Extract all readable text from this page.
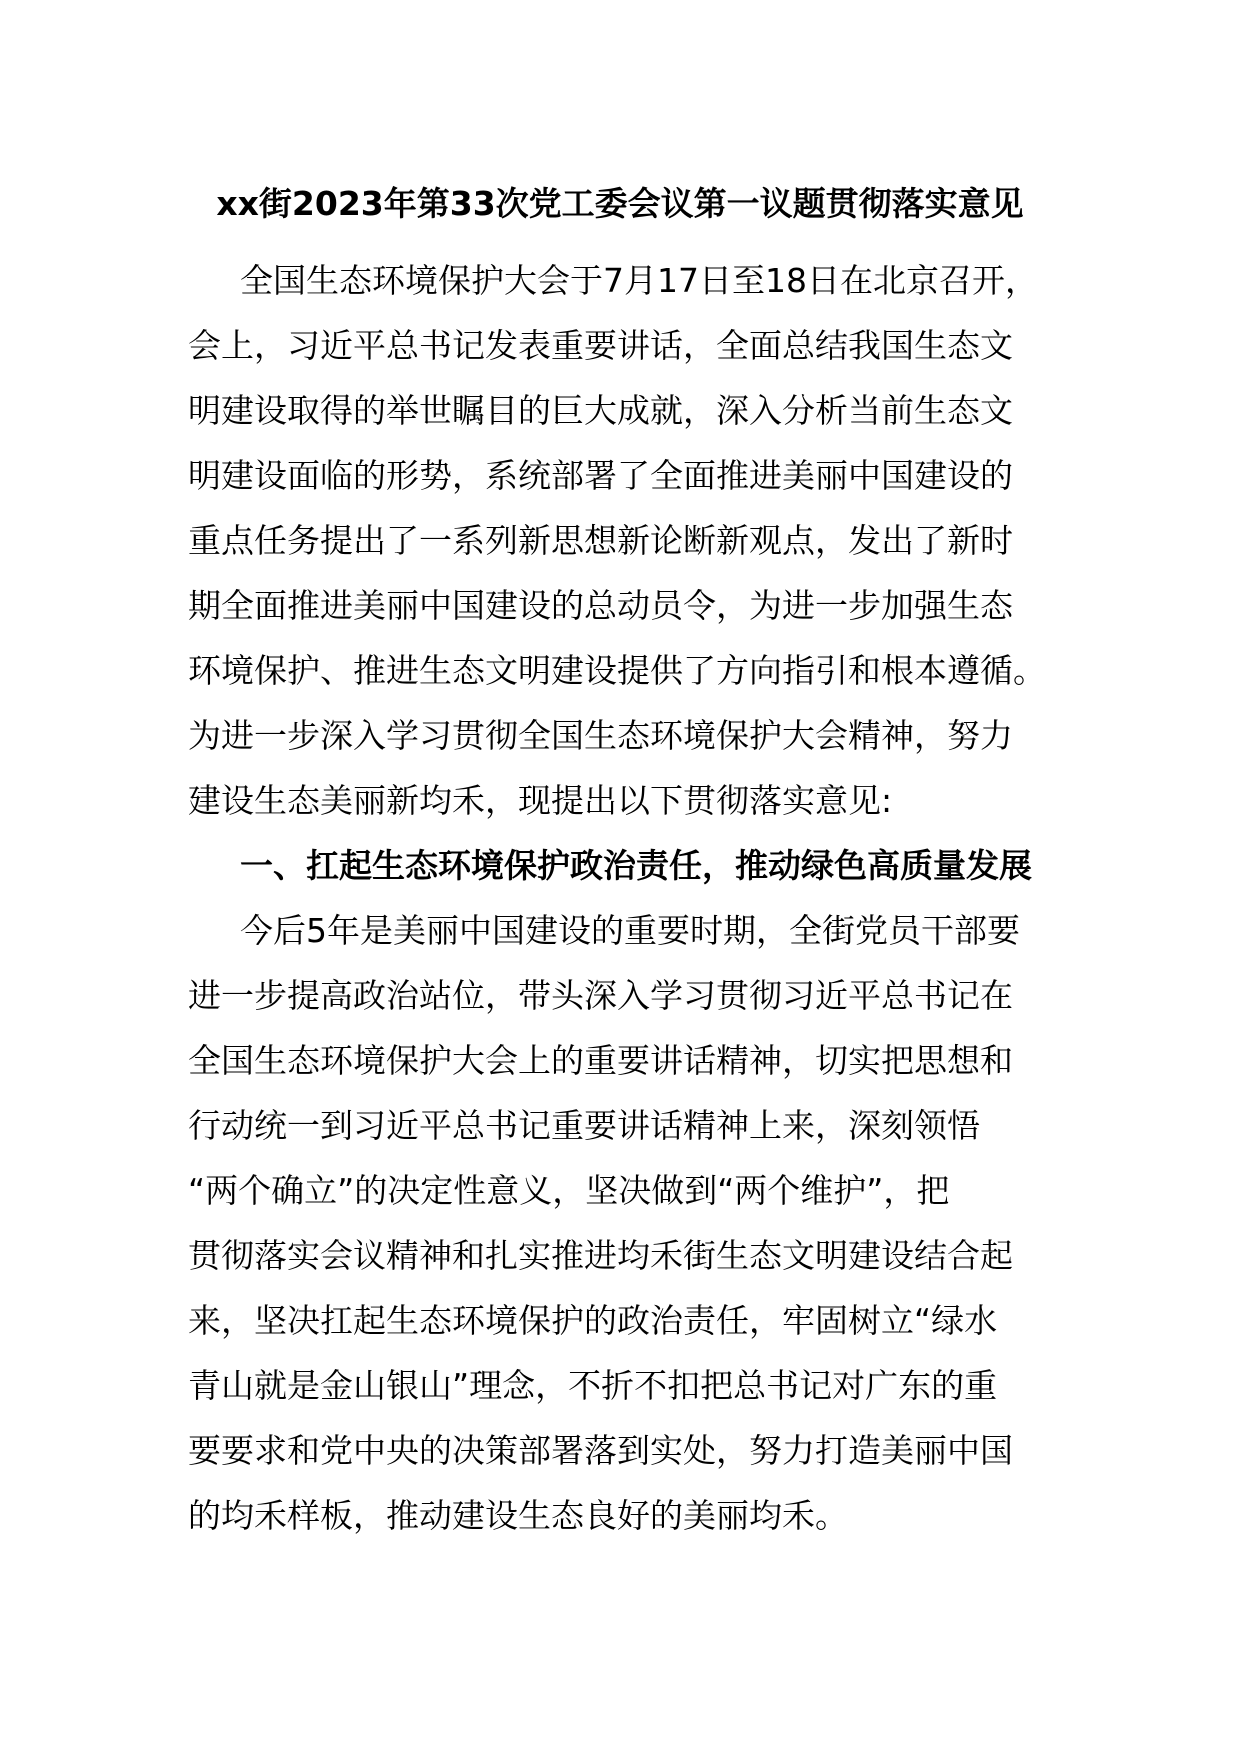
xx街2023年第33次党工委会议第一议题贯彻落实意见
全国生态环境保护大会于7月17日至18日在北京召开，
会上，习近平总书记发表重要讲话，全面总结我国生态文
明建设取得的举世瞩目的巨大成就，深入分析当前生态文
明建设面临的形势，系统部署了全面推进美丽中国建设的
重点任务提出了一系列新思想新论断新观点，发出了新时
期全面推进美丽中国建设的总动员令，为进一步加强生态
环境保护、推进生态文明建设提供了方向指引和根本遵循。
为进一步深入学习贯彻全国生态环境保护大会精神，努力
建设生态美丽新均禾，现提出以下贯彻落实意见:
一、扛起生态环境保护政治责任，推动绿色高质量发展
今后5年是美丽中国建设的重要时期，全街党员干部要
进一步提高政治站位，带头深入学习贯彻习近平总书记在
全国生态环境保护大会上的重要讲话精神，切实把思想和
行动统一到习近平总书记重要讲话精神上来，深刻领悟
“两个确立”的决定性意义，坚决做到“两个维护”，把
贯彻落实会议精神和扎实推进均禾街生态文明建设结合起
来，坚决扛起生态环境保护的政治责任，牢固树立“绿水
青山就是金山银山”理念，不折不扣把总书记对广东的重
要要求和党中央的决策部署落到实处，努力打造美丽中国
的均禾样板，推动建设生态良好的美丽均禾。
